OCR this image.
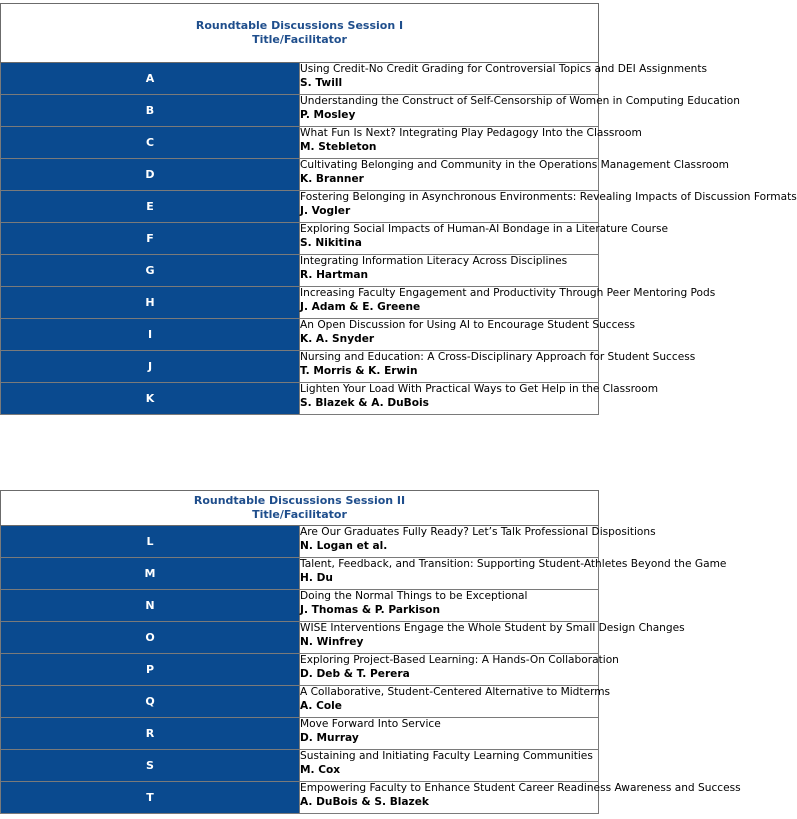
Roundtable Discussions Session I
Title/Facilitator	

A	Using Credit-No Credit Grading for Controversial Topics and DEI Assignments
S. Twill

B	Understanding the Construct of Self-Censorship of Women in Computing Education
P. Mosley

C	What Fun Is Next? Integrating Play Pedagogy Into the Classroom
M. Stebleton

D	Cultivating Belonging and Community in the Operations Management Classroom
K. Branner

E	Fostering Belonging in Asynchronous Environments: Revealing Impacts of Discussion Formats
J. Vogler

F	Exploring Social Impacts of Human-AI Bondage in a Literature Course
S. Nikitina

G	Integrating Information Literacy Across Disciplines
R. Hartman

H	Increasing Faculty Engagement and Productivity Through Peer Mentoring Pods
J. Adam & E. Greene

I	An Open Discussion for Using AI to Encourage Student Success
K. A. Snyder

J	Nursing and Education: A Cross-Disciplinary Approach for Student Success
T. Morris & K. Erwin

K	Lighten Your Load With Practical Ways to Get Help in the Classroom
S. Blazek & A. DuBois
Roundtable Discussions Session II
Title/Facilitator	

L	Are Our Graduates Fully Ready? Let’s Talk Professional Dispositions
N. Logan et al.

M	Talent, Feedback, and Transition: Supporting Student-Athletes Beyond the Game
H. Du

N	Doing the Normal Things to be Exceptional
J. Thomas & P. Parkison

O	WISE Interventions Engage the Whole Student by Small Design Changes
N. Winfrey

P	Exploring Project-Based Learning: A Hands-On Collaboration
D. Deb & T. Perera

Q	A Collaborative, Student-Centered Alternative to Midterms
A. Cole

R	Move Forward Into Service
D. Murray

S	Sustaining and Initiating Faculty Learning Communities
M. Cox

T	Empowering Faculty to Enhance Student Career Readiness Awareness and Success
A. DuBois & S. Blazek
